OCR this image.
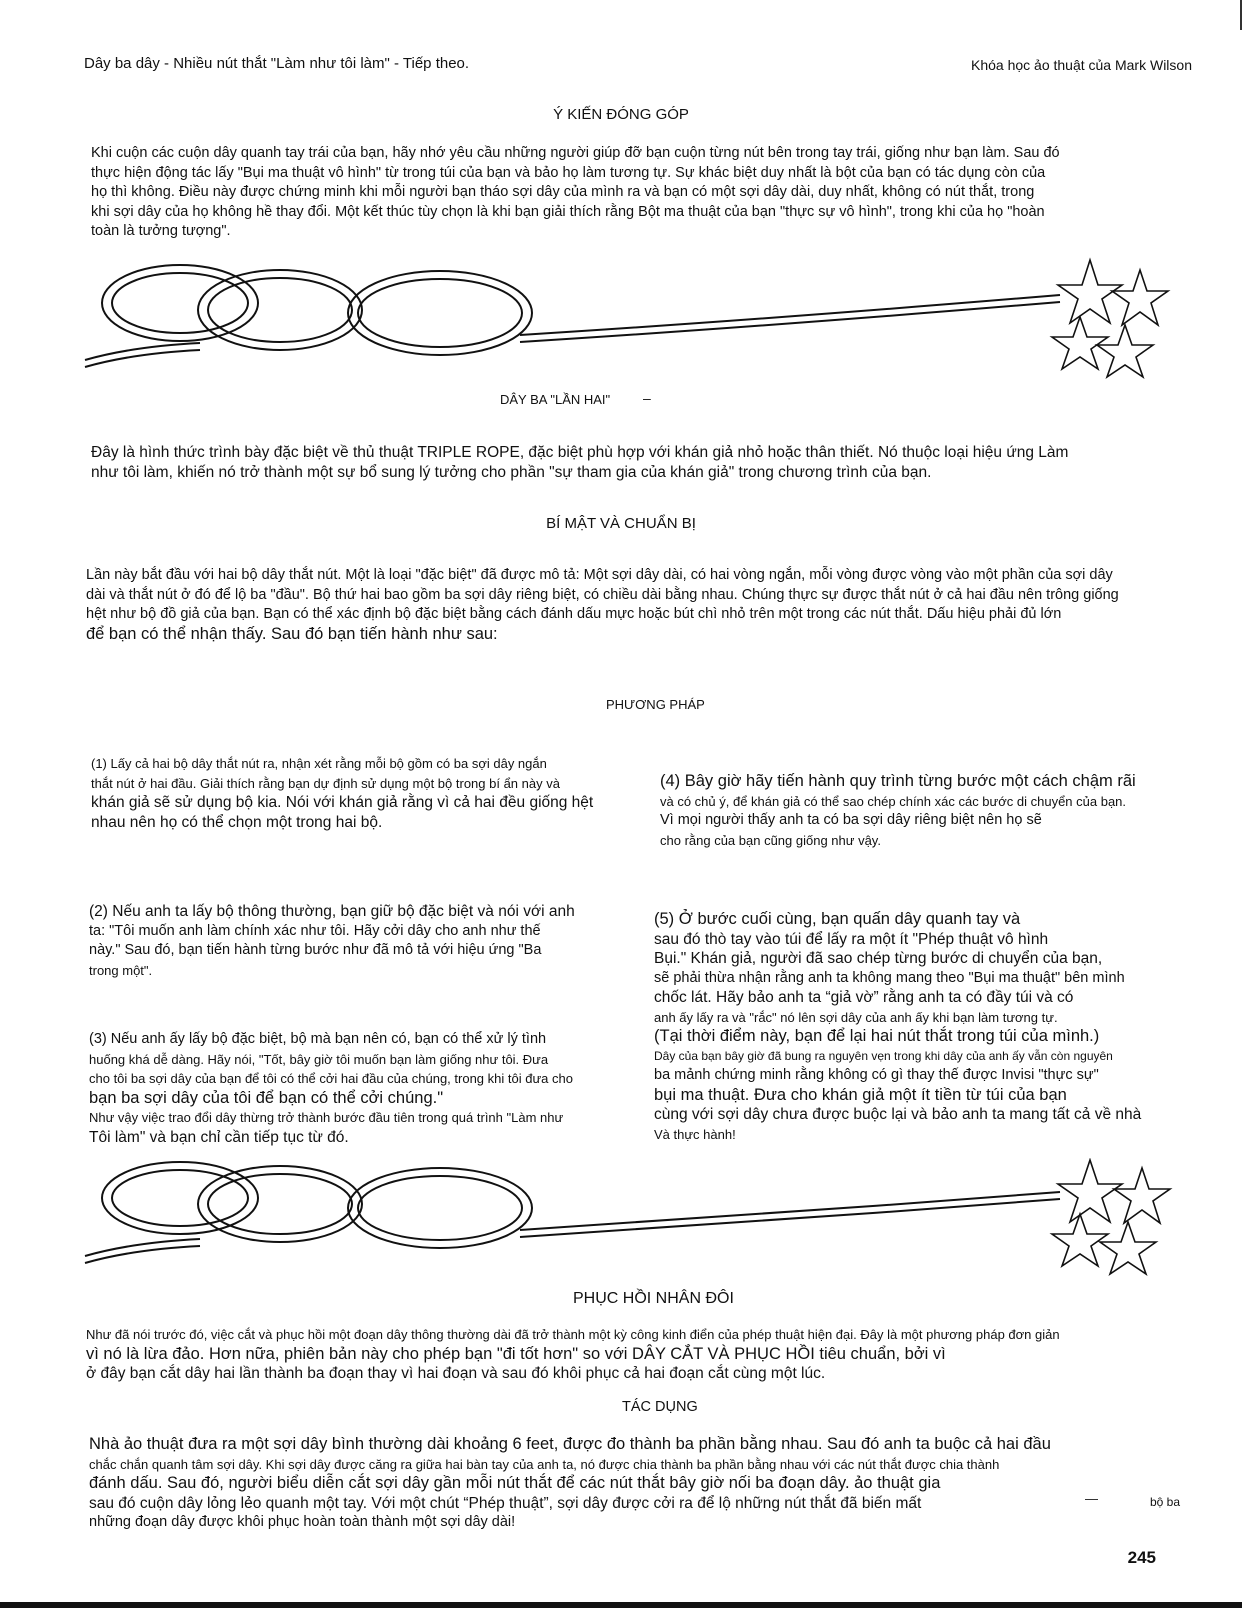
Dây ba dây - Nhiều nút thắt "Làm như tôi làm" - Tiếp theo.	Khóa học ảo thuật của Mark Wilson
Ý KIẾN ĐÓNG GÓP
Khi cuộn các cuộn dây quanh tay trái của bạn, hãy nhớ yêu cầu những người giúp đỡ bạn cuộn từng nút bên trong tay trái, giống như bạn làm. Sau đó
thực hiện động tác lấy "Bụi ma thuật vô hình" từ trong túi của bạn và bảo họ làm tương tự. Sự khác biệt duy nhất là bột của bạn có tác dụng còn của
họ thì không. Điều này được chứng minh khi mỗi người bạn tháo sợi dây của mình ra và bạn có một sợi dây dài, duy nhất, không có nút thắt, trong
khi sợi dây của họ không hề thay đổi. Một kết thúc tùy chọn là khi bạn giải thích rằng Bột ma thuật của bạn "thực sự vô hình", trong khi của họ "hoàn
toàn là tưởng tượng".
DÂY BA "LẦN HAI" –
Đây là hình thức trình bày đặc biệt về thủ thuật TRIPLE ROPE, đặc biệt phù hợp với khán giả nhỏ hoặc thân thiết. Nó thuộc loại hiệu ứng Làm
như tôi làm, khiến nó trở thành một sự bổ sung lý tưởng cho phần "sự tham gia của khán giả" trong chương trình của bạn.
BÍ MẬT VÀ CHUẨN BỊ
Lần này bắt đầu với hai bộ dây thắt nút. Một là loại "đặc biệt" đã được mô tả: Một sợi dây dài, có hai vòng ngắn, mỗi vòng được vòng vào một phần của sợi dây
dài và thắt nút ở đó để lộ ba "đầu". Bộ thứ hai bao gồm ba sợi dây riêng biệt, có chiều dài bằng nhau. Chúng thực sự được thắt nút ở cả hai đầu nên trông giống
hệt như bộ đồ giả của bạn. Bạn có thể xác định bộ đặc biệt bằng cách đánh dấu mực hoặc bút chì nhỏ trên một trong các nút thắt. Dấu hiệu phải đủ lớn
để bạn có thể nhận thấy. Sau đó bạn tiến hành như sau:
PHƯƠNG PHÁP
(1) Lấy cả hai bộ dây thắt nút ra, nhận xét rằng mỗi bộ gồm có ba sợi dây ngắn
thắt nút ở hai đầu. Giải thích rằng bạn dự định sử dụng một bộ trong bí ẩn này và
khán giả sẽ sử dụng bộ kia. Nói với khán giả rằng vì cả hai đều giống hệt
nhau nên họ có thể chọn một trong hai bộ.
(2) Nếu anh ta lấy bộ thông thường, bạn giữ bộ đặc biệt và nói với anh
ta: "Tôi muốn anh làm chính xác như tôi. Hãy cởi dây cho anh như thế
này." Sau đó, bạn tiến hành từng bước như đã mô tả với hiệu ứng "Ba
trong một".
(3) Nếu anh ấy lấy bộ đặc biệt, bộ mà bạn nên có, bạn có thể xử lý tình
huống khá dễ dàng. Hãy nói, "Tốt, bây giờ tôi muốn bạn làm giống như tôi. Đưa
cho tôi ba sợi dây của bạn để tôi có thể cởi hai đầu của chúng, trong khi tôi đưa cho
bạn ba sợi dây của tôi để bạn có thể cởi chúng."
Như vậy việc trao đổi dây thừng trở thành bước đầu tiên trong quá trình "Làm như
Tôi làm" và bạn chỉ cần tiếp tục từ đó.
(4) Bây giờ hãy tiến hành quy trình từng bước một cách chậm rãi
và có chủ ý, để khán giả có thể sao chép chính xác các bước di chuyển của bạn.
Vì mọi người thấy anh ta có ba sợi dây riêng biệt nên họ sẽ
cho rằng của bạn cũng giống như vậy.
(5) Ở bước cuối cùng, bạn quấn dây quanh tay và
sau đó thò tay vào túi để lấy ra một ít "Phép thuật vô hình
Bụi." Khán giả, người đã sao chép từng bước di chuyển của bạn,
sẽ phải thừa nhận rằng anh ta không mang theo "Bụi ma thuật" bên mình
chốc lát. Hãy bảo anh ta “giả vờ” rằng anh ta có đầy túi và có
anh ấy lấy ra và "rắc" nó lên sợi dây của anh ấy khi bạn làm tương tự.
(Tại thời điểm này, bạn để lại hai nút thắt trong túi của mình.)
Dây của bạn bây giờ đã bung ra nguyên vẹn trong khi dây của anh ấy vẫn còn nguyên
ba mảnh chứng minh rằng không có gì thay thế được Invisi "thực sự"
bụi ma thuật. Đưa cho khán giả một ít tiền từ túi của bạn
cùng với sợi dây chưa được buộc lại và bảo anh ta mang tất cả về nhà
Và thực hành!
PHỤC HỒI NHÂN ĐÔI
Như đã nói trước đó, việc cắt và phục hồi một đoạn dây thông thường dài đã trở thành một kỳ công kinh điển của phép thuật hiện đại. Đây là một phương pháp đơn giản
vì nó là lừa đảo. Hơn nữa, phiên bản này cho phép bạn "đi tốt hơn" so với DÂY CẮT VÀ PHỤC HỒI tiêu chuẩn, bởi vì
ở đây bạn cắt dây hai lần thành ba đoạn thay vì hai đoạn và sau đó khôi phục cả hai đoạn cắt cùng một lúc.
TÁC DỤNG
Nhà ảo thuật đưa ra một sợi dây bình thường dài khoảng 6 feet, được đo thành ba phần bằng nhau. Sau đó anh ta buộc cả hai đầu
chắc chắn quanh tâm sợi dây. Khi sợi dây được căng ra giữa hai bàn tay của anh ta, nó được chia thành ba phần bằng nhau với các nút thắt được chia thành
đánh dấu. Sau đó, người biểu diễn cắt sợi dây gần mỗi nút thắt để các nút thắt bây giờ nối ba đoạn dây. ảo thuật gia
sau đó cuộn dây lỏng lẻo quanh một tay. Với một chút “Phép thuật”, sợi dây được cởi ra để lộ những nút thắt đã biến mất
những đoạn dây được khôi phục hoàn toàn thành một sợi dây dài!
—	bộ ba
245
